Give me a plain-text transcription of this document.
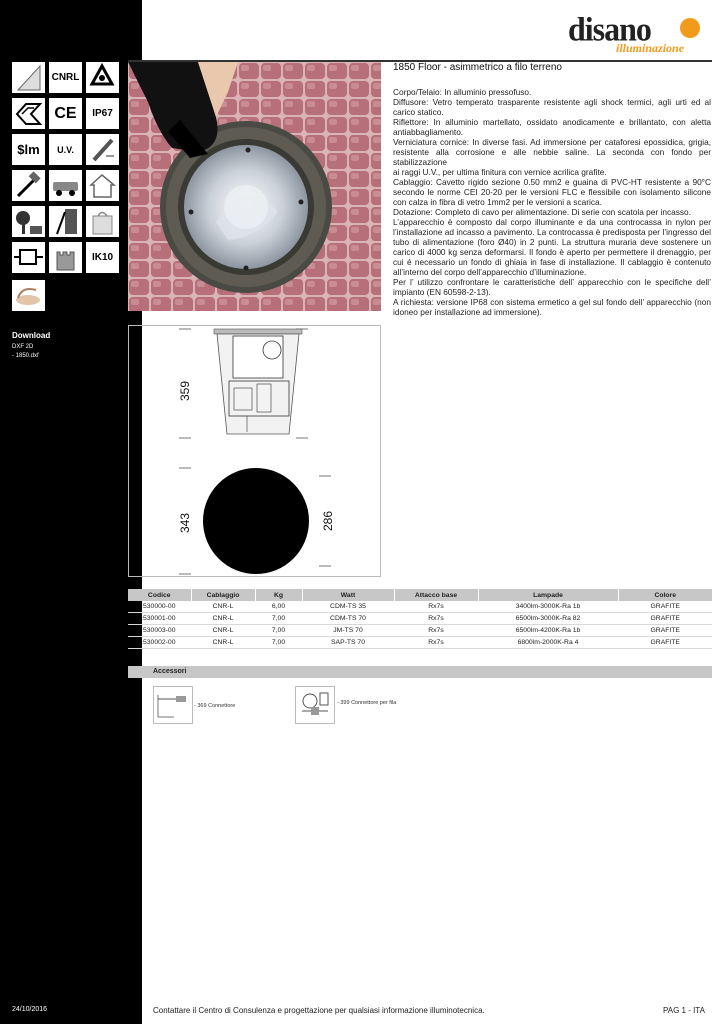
CNRL
CE IP67
$lm U.V.
IK10
Download
DXF 2D
- 1850.dxf
24/10/2016
disano
illuminazione
1850 Floor - asimmetrico a filo terreno

Corpo/Telaio: In alluminio pressofuso.

Diffusore: Vetro temperato trasparente resistente agli shock termici, agli urti ed al carico statico.

Riflettore: In alluminio martellato, ossidato anodicamente e brillantato, con aletta antiabbagliamento.

Verniciatura cornice: In diverse fasi. Ad immersione per cataforesi epossidica, grigia, resistente alla corrosione e alle nebbie saline. La seconda con fondo per stabilizzazione

ai raggi U.V., per ultima finitura con vernice acrilica grafite.

Cablaggio: Cavetto rigido sezione 0.50 mm2 e guaina di PVC-HT resistente a 90°C secondo le norme CEI 20-20 per le versioni FLC e flessibile con isolamento silicone con calza in fibra di vetro 1mm2 per le versioni a scarica.

Dotazione: Completo di cavo per alimentazione. Di serie con scatola per incasso.

L’apparecchio è composto dal corpo illuminante e da una controcassa in nylon per l’installazione ad incasso a pavimento. La controcassa è predisposta per l’ingresso del tubo di alimentazione (foro Ø40) in 2 punti. La struttura muraria deve sostenere un carico di 4000 kg senza deformarsi. Il fondo è aperto per permettere il drenaggio, per cui é necessario un fondo di ghiaia in fase di installazione. Il cablaggio è contenuto all’interno del corpo dell’apparecchio d’illuminazione.

Per l’ utilizzo confrontare le caratteristiche dell’ apparecchio con le specifiche dell’ impianto (EN 60598-2-13).

A richiesta: versione IP68 con sistema ermetico a gel sul fondo dell’ apparecchio (non idoneo per installazione ad immersione).

359
343	286
Codice	Cablaggio	Kg	Watt	Attacco base	Lampade	Colore
530000-00	CNR-L	6,00	CDM-TS 35	Rx7s	3400lm-3000K-Ra 1b	GRAFITE
530001-00	CNR-L	7,00	CDM-TS 70	Rx7s	6500lm-3000K-Ra 82	GRAFITE
530003-00	CNR-L	7,00	JM-TS 70	Rx7s	6500lm-4200K-Ra 1b	GRAFITE
530002-00	CNR-L	7,00	SAP-TS 70	Rx7s	6800lm-2000K-Ra 4	GRAFITE
Accessori
- 369 Connettore	- 399 Connettore per fila
Contattare il Centro di Consulenza e progettazione per qualsiasi informazione illuminotecnica.	PAG 1 - ITA
